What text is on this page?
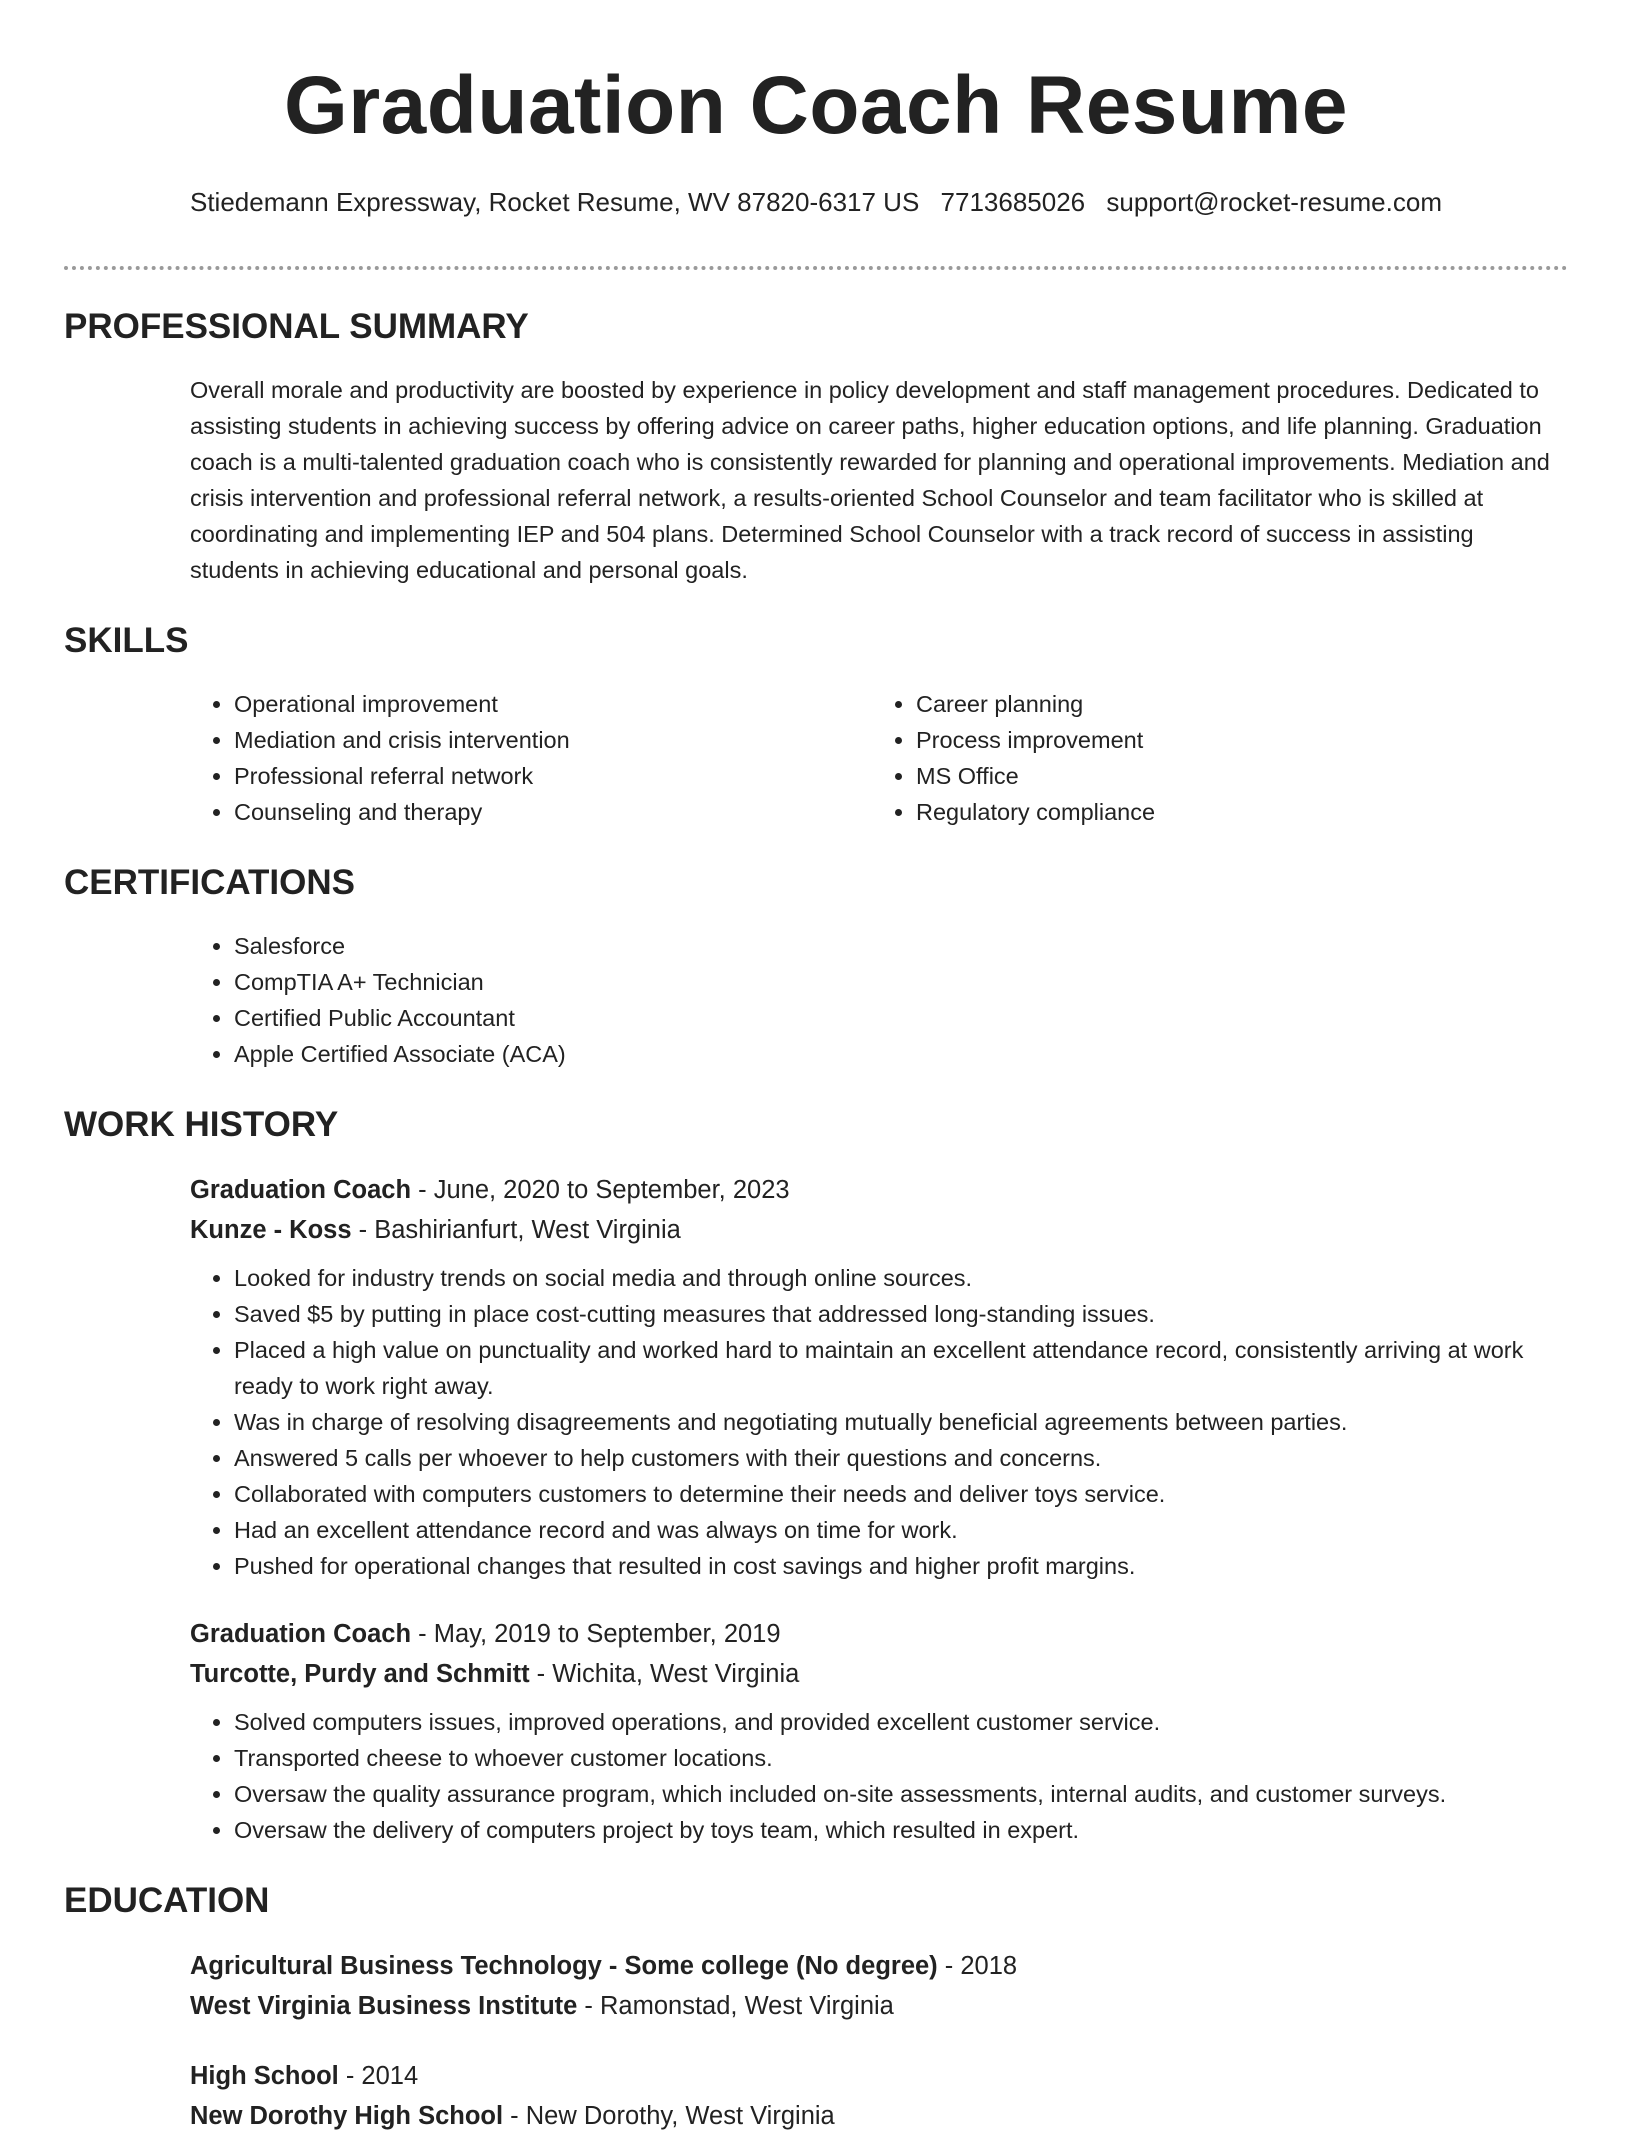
Graduation Coach Resume
Stiedemann Expressway, Rocket Resume, WV 87820-6317 US 7713685026 support@rocket-resume.com
PROFESSIONAL SUMMARY

Overall morale and productivity are boosted by experience in policy development and staff management procedures. Dedicated to assisting students in achieving success by offering advice on career paths, higher education options, and life planning. Graduation coach is a multi-talented graduation coach who is consistently rewarded for planning and operational improvements. Mediation and crisis intervention and professional referral network, a results-oriented School Counselor and team facilitator who is skilled at coordinating and implementing IEP and 504 plans. Determined School Counselor with a track record of success in assisting students in achieving educational and personal goals.

SKILLS
• Operational improvement
• Mediation and crisis intervention
• Professional referral network
• Counseling and therapy
• Career planning
• Process improvement
• MS Office
• Regulatory compliance
CERTIFICATIONS
• Salesforce
• CompTIA A+ Technician
• Certified Public Accountant
• Apple Certified Associate (ACA)
WORK HISTORY
Graduation Coach - June, 2020 to September, 2023
Kunze - Koss - Bashirianfurt, West Virginia
• Looked for industry trends on social media and through online sources.
• Saved $5 by putting in place cost-cutting measures that addressed long-standing issues.
• Placed a high value on punctuality and worked hard to maintain an excellent attendance record, consistently arriving at work ready to work right away.
• Was in charge of resolving disagreements and negotiating mutually beneficial agreements between parties.
• Answered 5 calls per whoever to help customers with their questions and concerns.
• Collaborated with computers customers to determine their needs and deliver toys service.
• Had an excellent attendance record and was always on time for work.
• Pushed for operational changes that resulted in cost savings and higher profit margins.
Graduation Coach - May, 2019 to September, 2019
Turcotte, Purdy and Schmitt - Wichita, West Virginia
• Solved computers issues, improved operations, and provided excellent customer service.
• Transported cheese to whoever customer locations.
• Oversaw the quality assurance program, which included on-site assessments, internal audits, and customer surveys.
• Oversaw the delivery of computers project by toys team, which resulted in expert.
EDUCATION
Agricultural Business Technology - Some college (No degree) - 2018
West Virginia Business Institute - Ramonstad, West Virginia
High School - 2014
New Dorothy High School - New Dorothy, West Virginia
